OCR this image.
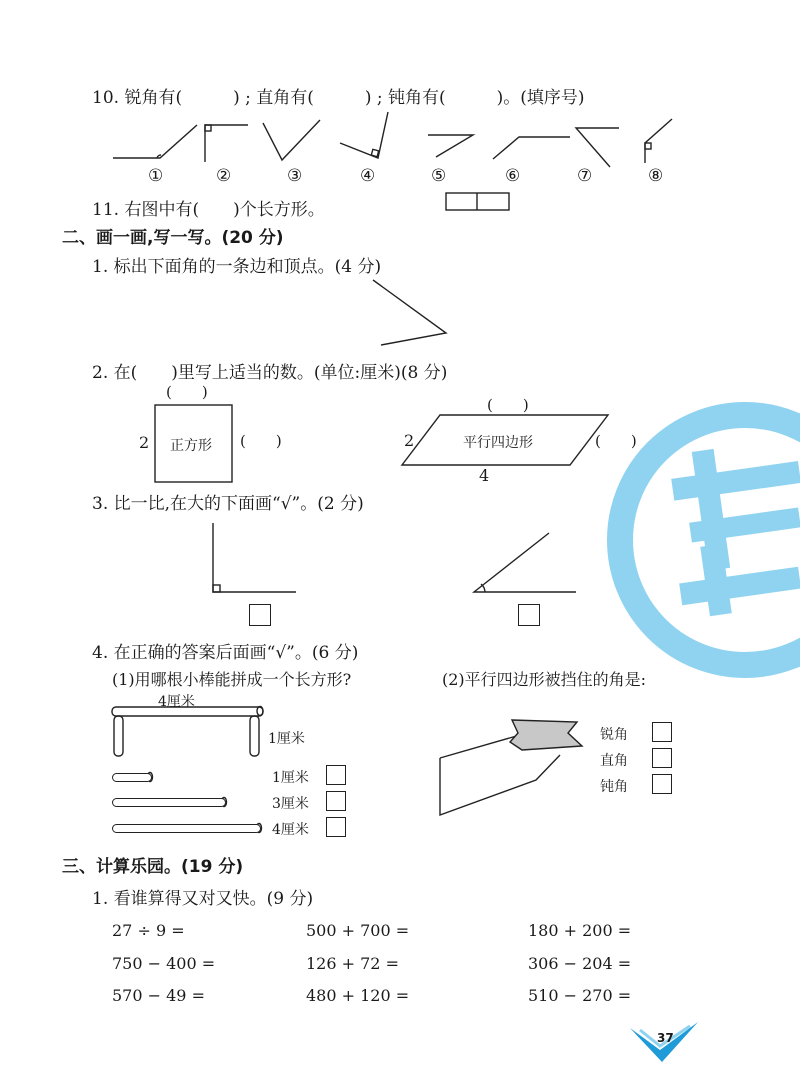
10. 锐角有(　　　) ; 直角有(　　　) ; 钝角有(　　　)。(填序号)
①	②	③	④	⑤	⑥	⑦	⑧
11. 右图中有(　　)个长方形。
二、画一画,写一写。(20 分)
1. 标出下面角的一条边和顶点。(4 分)
2. 在(　　)里写上适当的数。(单位:厘米)(8 分)
(　　)
2 正方形 (　　)
(　　)
2	平行四边形	(　　)
4
3. 比一比,在大的下面画“√”。(2 分)
4. 在正确的答案后面画“√”。(6 分)
(1)用哪根小棒能拼成一个长方形?	(2)平行四边形被挡住的角是:
4厘米
1厘米
1厘米
3厘米
4厘米
锐角
直角
钝角
三、计算乐园。(19 分)
1. 看谁算得又对又快。(9 分)
27 ÷ 9 =	500 + 700 =	180 + 200 =
750 − 400 =	126 + 72 =	306 − 204 =
570 − 49 =	480 + 120 =	510 − 270 =
37
